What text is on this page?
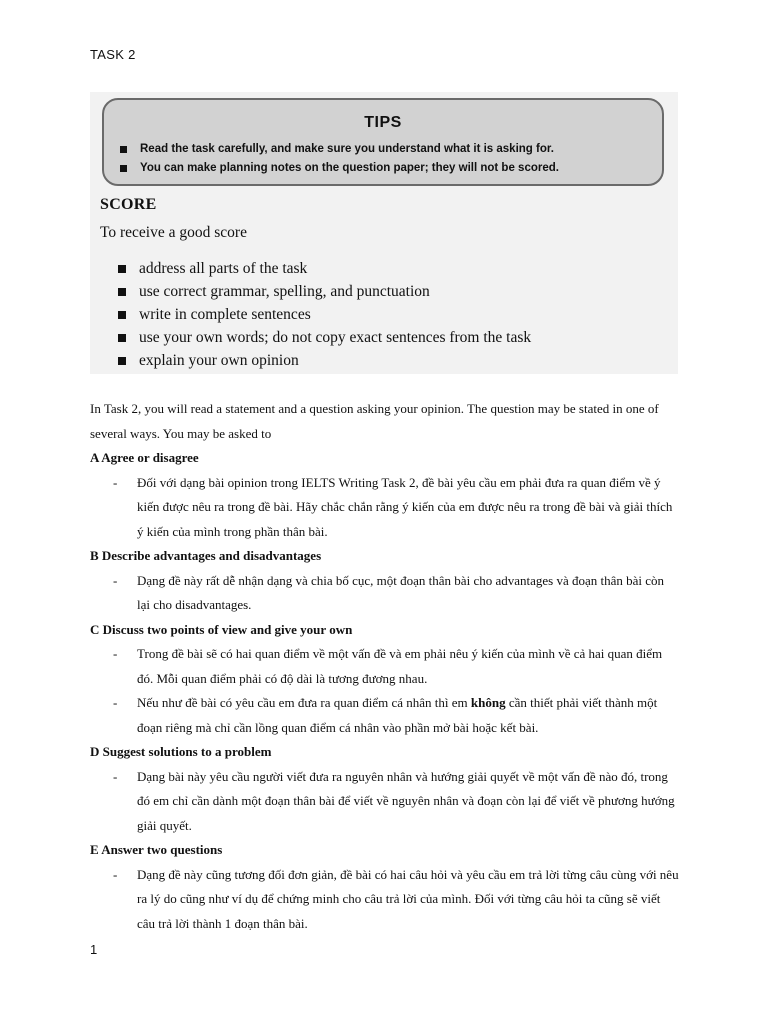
TASK 2
TIPS
Read the task carefully, and make sure you understand what it is asking for.
You can make planning notes on the question paper; they will not be scored.
SCORE
To receive a good score
address all parts of the task
use correct grammar, spelling, and punctuation
write in complete sentences
use your own words; do not copy exact sentences from the task
explain your own opinion

In Task 2, you will read a statement and a question asking your opinion. The question may be stated in one of several ways. You may be asked to

A Agree or disagree

- Đối với dạng bài opinion trong IELTS Writing Task 2, đề bài yêu cầu em phải đưa ra quan điểm về ý kiến được nêu ra trong đề bài. Hãy chắc chắn rằng ý kiến của em được nêu ra trong đề bài và giải thích ý kiến của mình trong phần thân bài.

B Describe advantages and disadvantages

- Dạng đề này rất dễ nhận dạng và chia bố cục, một đoạn thân bài cho advantages và đoạn thân bài còn lại cho disadvantages.

C Discuss two points of view and give your own

- Trong đề bài sẽ có hai quan điểm về một vấn đề và em phải nêu ý kiến của mình về cả hai quan điểm đó. Mỗi quan điểm phải có độ dài là tương đương nhau.

- Nếu như đề bài có yêu cầu em đưa ra quan điểm cá nhân thì em không cần thiết phải viết thành một đoạn riêng mà chỉ cần lồng quan điểm cá nhân vào phần mở bài hoặc kết bài.

D Suggest solutions to a problem

- Dạng bài này yêu cầu người viết đưa ra nguyên nhân và hướng giải quyết về một vấn đề nào đó, trong đó em chỉ cần dành một đoạn thân bài để viết về nguyên nhân và đoạn còn lại để viết về phương hướng giải quyết.

E Answer two questions

- Dạng đề này cũng tương đối đơn giản, đề bài có hai câu hỏi và yêu cầu em trả lời từng câu cùng với nêu ra lý do cũng như ví dụ để chứng minh cho câu trả lời của mình. Đối với từng câu hỏi ta cũng sẽ viết câu trả lời thành 1 đoạn thân bài.

1
